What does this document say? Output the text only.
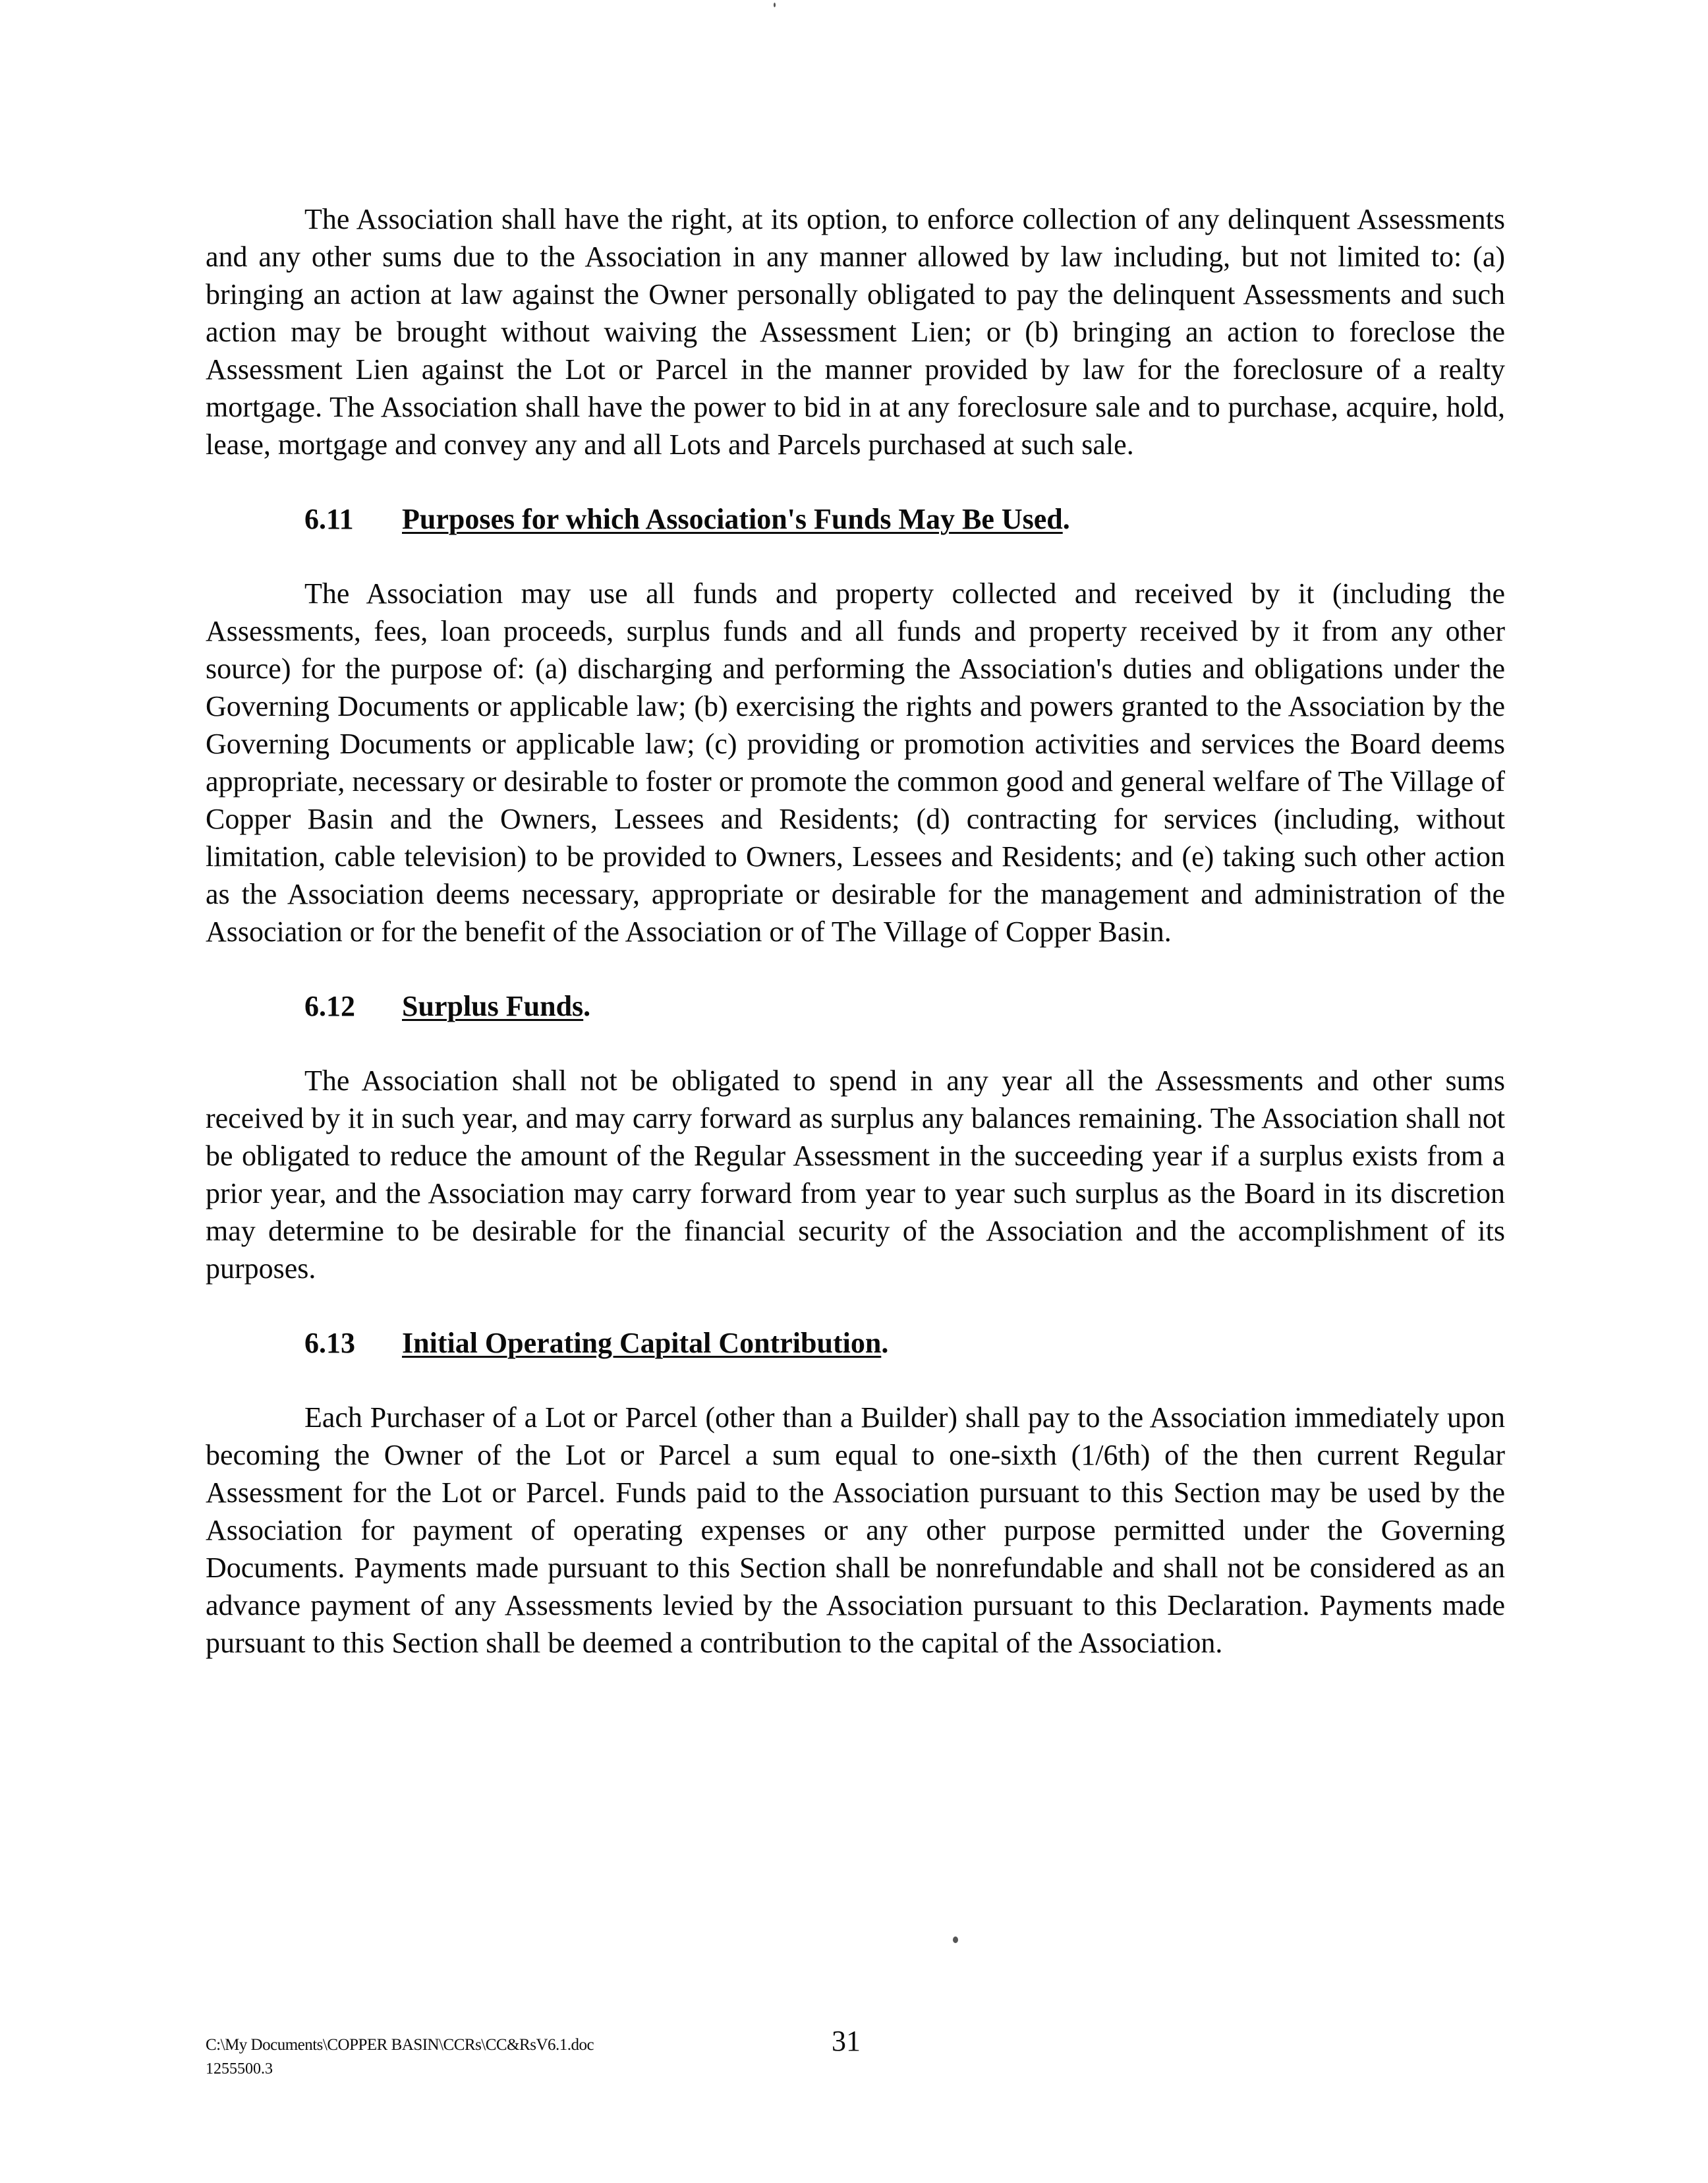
The Association shall have the right, at its option, to enforce collection of any delinquent Assessments and any other sums due to the Association in any manner allowed by law including, but not limited to: (a) bringing an action at law against the Owner personally obligated to pay the delinquent Assessments and such action may be brought without waiving the Assessment Lien; or (b) bringing an action to foreclose the Assessment Lien against the Lot or Parcel in the manner provided by law for the foreclosure of a realty mortgage. The Association shall have the power to bid in at any foreclosure sale and to purchase, acquire, hold, lease, mortgage and convey any and all Lots and Parcels purchased at such sale.

6.11 Purposes for which Association's Funds May Be Used.

The Association may use all funds and property collected and received by it (including the Assessments, fees, loan proceeds, surplus funds and all funds and property received by it from any other source) for the purpose of: (a) discharging and performing the Association's duties and obligations under the Governing Documents or applicable law; (b) exercising the rights and powers granted to the Association by the Governing Documents or applicable law; (c) providing or promotion activities and services the Board deems appropriate, necessary or desirable to foster or promote the common good and general welfare of The Village of Copper Basin and the Owners, Lessees and Residents; (d) contracting for services (including, without limitation, cable television) to be provided to Owners, Lessees and Residents; and (e) taking such other action as the Association deems necessary, appropriate or desirable for the management and administration of the Association or for the benefit of the Association or of The Village of Copper Basin.

6.12 Surplus Funds.

The Association shall not be obligated to spend in any year all the Assessments and other sums received by it in such year, and may carry forward as surplus any balances remaining. The Association shall not be obligated to reduce the amount of the Regular Assessment in the succeeding year if a surplus exists from a prior year, and the Association may carry forward from year to year such surplus as the Board in its discretion may determine to be desirable for the financial security of the Association and the accomplishment of its purposes.

6.13 Initial Operating Capital Contribution.

Each Purchaser of a Lot or Parcel (other than a Builder) shall pay to the Association immediately upon becoming the Owner of the Lot or Parcel a sum equal to one-sixth (1/6th) of the then current Regular Assessment for the Lot or Parcel. Funds paid to the Association pursuant to this Section may be used by the Association for payment of operating expenses or any other purpose permitted under the Governing Documents. Payments made pursuant to this Section shall be nonrefundable and shall not be considered as an advance payment of any Assessments levied by the Association pursuant to this Declaration. Payments made pursuant to this Section shall be deemed a contribution to the capital of the Association.

C:\My Documents\COPPER BASIN\CCRs\CC&RsV6.1.doc
1255500.3
31
